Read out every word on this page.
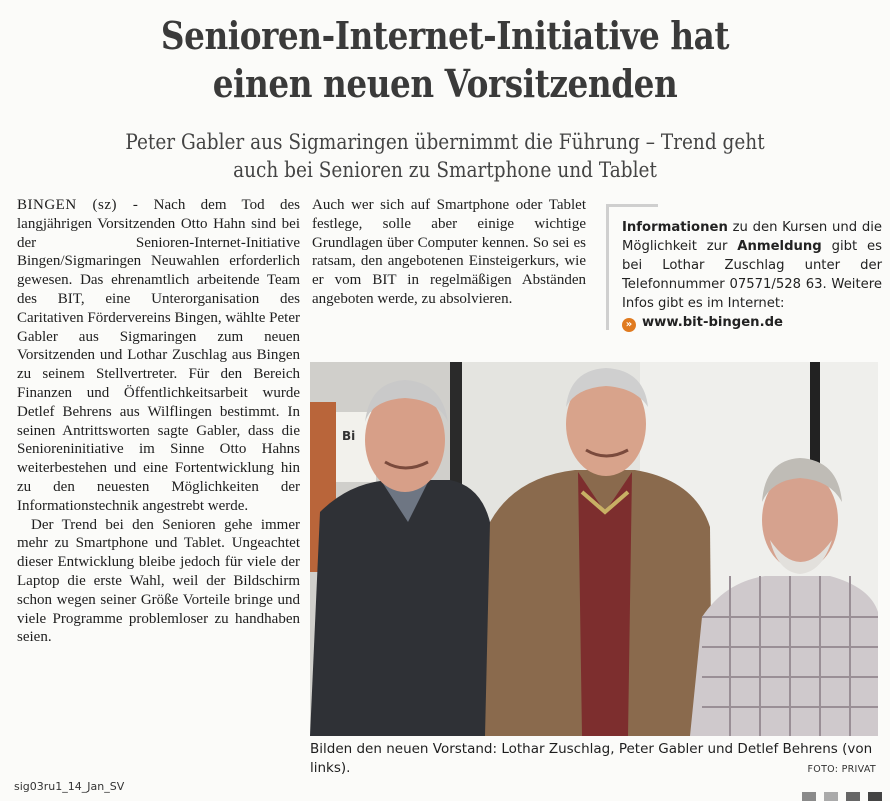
Senioren-Internet-Initiative hat
einen neuen Vorsitzenden
Peter Gabler aus Sigmaringen übernimmt die Führung – Trend geht
auch bei Senioren zu Smartphone und Tablet

BINGEN (sz) - Nach dem Tod des langjährigen Vorsitzenden Otto Hahn sind bei der Senioren-Internet-Initiative Bingen/Sigmaringen Neuwahlen erforderlich gewesen. Das ehrenamtlich arbeitende Team des BIT, eine Unterorganisation des Caritativen Fördervereins Bingen, wählte Peter Gabler aus Sigmaringen zum neuen Vorsitzenden und Lothar Zuschlag aus Bingen zu seinem Stellvertreter. Für den Bereich Finanzen und Öffentlichkeitsarbeit wurde Detlef Behrens aus Wilflingen bestimmt. In seinen Antrittsworten sagte Gabler, dass die Senioreninitiative im Sinne Otto Hahns weiterbestehen und eine Fortentwicklung hin zu den neuesten Möglichkeiten der Informationstechnik angestrebt werde.

Der Trend bei den Senioren gehe immer mehr zu Smartphone und Tablet. Ungeachtet dieser Entwicklung bleibe jedoch für viele der Laptop die erste Wahl, weil der Bildschirm schon wegen seiner Größe Vorteile bringe und viele Programme problemloser zu handhaben seien.

Auch wer sich auf Smartphone oder Tablet festlege, solle aber einige wichtige Grundlagen über Computer kennen. So sei es ratsam, den angebotenen Einsteigerkurs, wie er vom BIT in regelmäßigen Abständen angeboten werde, zu absolvieren.

Informationen zu den Kursen und die Möglichkeit zur Anmeldung gibt es bei Lothar Zuschlag unter der Telefonnummer 07571/528 63. Weitere Infos gibt es im Internet:
» www.bit-bingen.de
Bi
Bilden den neuen Vorstand: Lothar Zuschlag, Peter Gabler und Detlef Behrens (von links).	FOTO: PRIVAT
sig03ru1_14_Jan_SV
